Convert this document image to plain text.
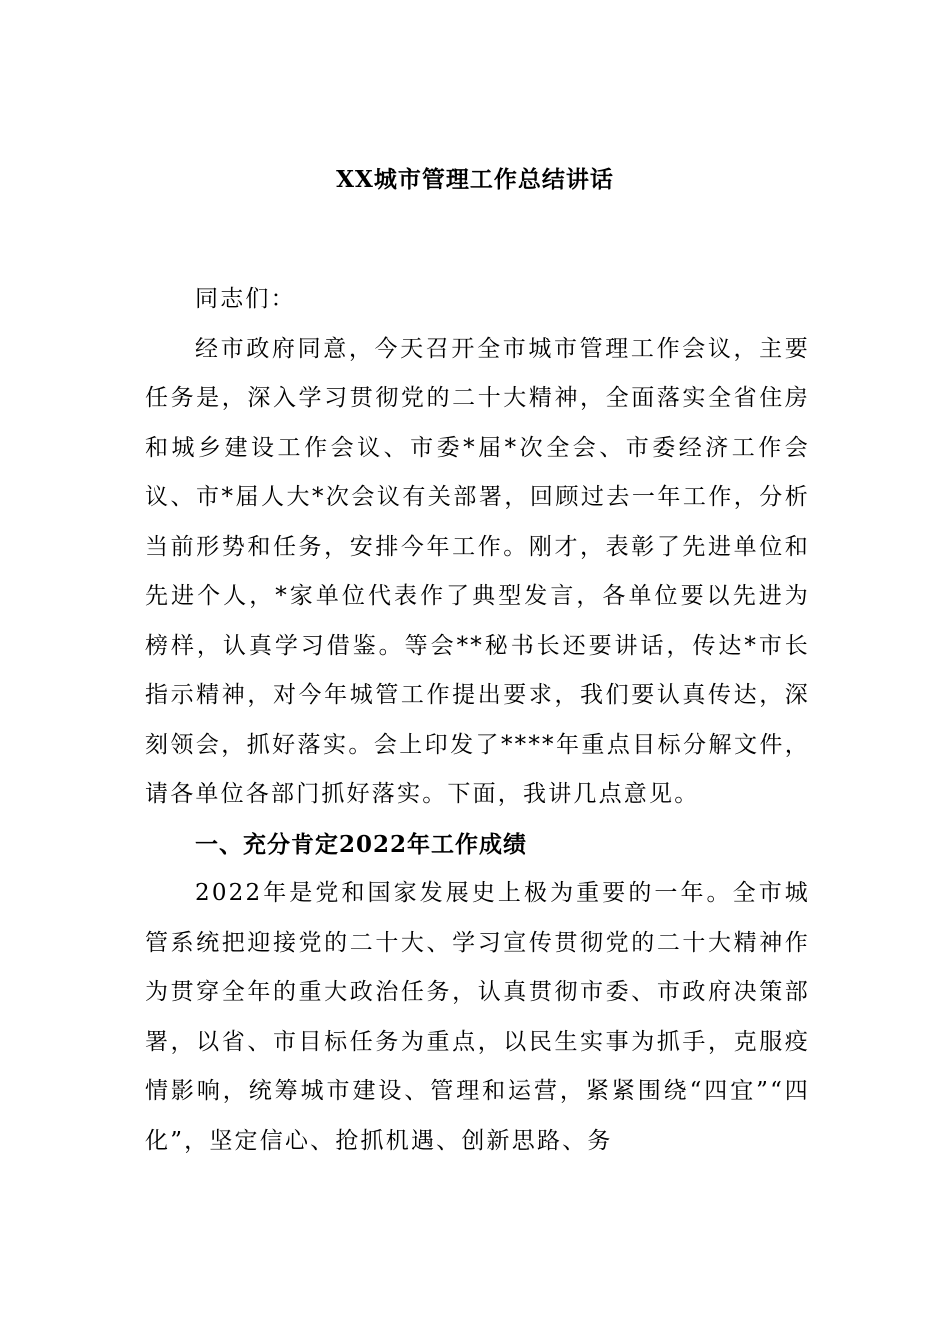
XX城市管理工作总结讲话

同志们：

经市政府同意，今天召开全市城市管理工作会议，主要任务是，深入学习贯彻党的二十大精神，全面落实全省住房和城乡建设工作会议、市委*届*次全会、市委经济工作会议、市*届人大*次会议有关部署，回顾过去一年工作，分析当前形势和任务，安排今年工作。刚才，表彰了先进单位和先进个人，*家单位代表作了典型发言，各单位要以先进为榜样，认真学习借鉴。等会**秘书长还要讲话，传达*市长指示精神，对今年城管工作提出要求，我们要认真传达，深刻领会，抓好落实。会上印发了****年重点目标分解文件，请各单位各部门抓好落实。下面，我讲几点意见。

一、充分肯定2022年工作成绩

2022年是党和国家发展史上极为重要的一年。全市城管系统把迎接党的二十大、学习宣传贯彻党的二十大精神作为贯穿全年的重大政治任务，认真贯彻市委、市政府决策部署，以省、市目标任务为重点，以民生实事为抓手，克服疫情影响，统筹城市建设、管理和运营，紧紧围绕“四宜”“四化”，坚定信心、抢抓机遇、创新思路、务
